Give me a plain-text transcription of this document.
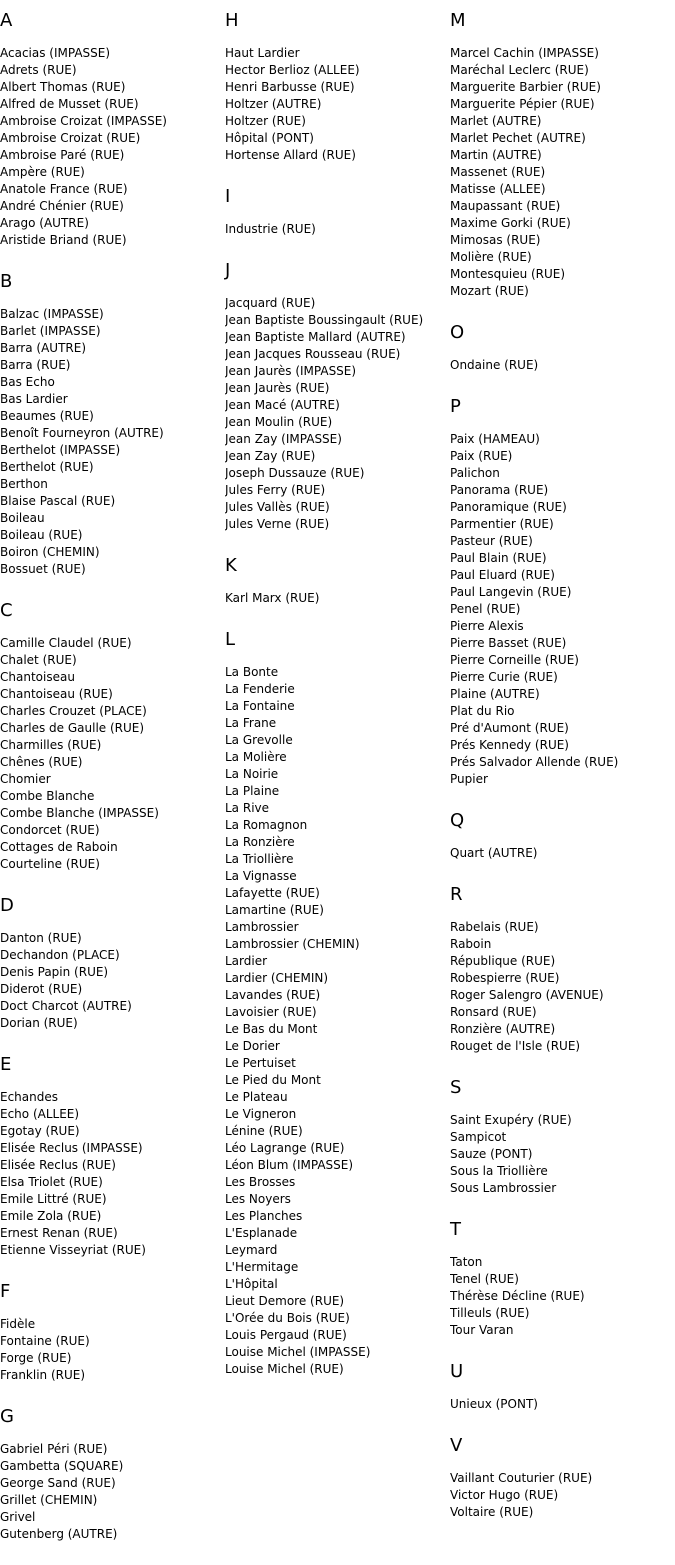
A
Acacias (IMPASSE)
Adrets (RUE)
Albert Thomas (RUE)
Alfred de Musset (RUE)
Ambroise Croizat (IMPASSE)
Ambroise Croizat (RUE)
Ambroise Paré (RUE)
Ampère (RUE)
Anatole France (RUE)
André Chénier (RUE)
Arago (AUTRE)
Aristide Briand (RUE)
B
Balzac (IMPASSE)
Barlet (IMPASSE)
Barra (AUTRE)
Barra (RUE)
Bas Echo
Bas Lardier
Beaumes (RUE)
Benoît Fourneyron (AUTRE)
Berthelot (IMPASSE)
Berthelot (RUE)
Berthon
Blaise Pascal (RUE)
Boileau
Boileau (RUE)
Boiron (CHEMIN)
Bossuet (RUE)
C
Camille Claudel (RUE)
Chalet (RUE)
Chantoiseau
Chantoiseau (RUE)
Charles Crouzet (PLACE)
Charles de Gaulle (RUE)
Charmilles (RUE)
Chênes (RUE)
Chomier
Combe Blanche
Combe Blanche (IMPASSE)
Condorcet (RUE)
Cottages de Raboin
Courteline (RUE)
D
Danton (RUE)
Dechandon (PLACE)
Denis Papin (RUE)
Diderot (RUE)
Doct Charcot (AUTRE)
Dorian (RUE)
E
Echandes
Echo (ALLEE)
Egotay (RUE)
Elisée Reclus (IMPASSE)
Elisée Reclus (RUE)
Elsa Triolet (RUE)
Emile Littré (RUE)
Emile Zola (RUE)
Ernest Renan (RUE)
Etienne Visseyriat (RUE)
F
Fidèle
Fontaine (RUE)
Forge (RUE)
Franklin (RUE)
G
Gabriel Péri (RUE)
Gambetta (SQUARE)
George Sand (RUE)
Grillet (CHEMIN)
Grivel
Gutenberg (AUTRE)
H
Haut Lardier
Hector Berlioz (ALLEE)
Henri Barbusse (RUE)
Holtzer (AUTRE)
Holtzer (RUE)
Hôpital (PONT)
Hortense Allard (RUE)
I
Industrie (RUE)
J
Jacquard (RUE)
Jean Baptiste Boussingault (RUE)
Jean Baptiste Mallard (AUTRE)
Jean Jacques Rousseau (RUE)
Jean Jaurès (IMPASSE)
Jean Jaurès (RUE)
Jean Macé (AUTRE)
Jean Moulin (RUE)
Jean Zay (IMPASSE)
Jean Zay (RUE)
Joseph Dussauze (RUE)
Jules Ferry (RUE)
Jules Vallès (RUE)
Jules Verne (RUE)
K
Karl Marx (RUE)
L
La Bonte
La Fenderie
La Fontaine
La Frane
La Grevolle
La Molière
La Noirie
La Plaine
La Rive
La Romagnon
La Ronzière
La Triollière
La Vignasse
Lafayette (RUE)
Lamartine (RUE)
Lambrossier
Lambrossier (CHEMIN)
Lardier
Lardier (CHEMIN)
Lavandes (RUE)
Lavoisier (RUE)
Le Bas du Mont
Le Dorier
Le Pertuiset
Le Pied du Mont
Le Plateau
Le Vigneron
Lénine (RUE)
Léo Lagrange (RUE)
Léon Blum (IMPASSE)
Les Brosses
Les Noyers
Les Planches
L'Esplanade
Leymard
L'Hermitage
L'Hôpital
Lieut Demore (RUE)
L'Orée du Bois (RUE)
Louis Pergaud (RUE)
Louise Michel (IMPASSE)
Louise Michel (RUE)
M
Marcel Cachin (IMPASSE)
Maréchal Leclerc (RUE)
Marguerite Barbier (RUE)
Marguerite Pépier (RUE)
Marlet (AUTRE)
Marlet Pechet (AUTRE)
Martin (AUTRE)
Massenet (RUE)
Matisse (ALLEE)
Maupassant (RUE)
Maxime Gorki (RUE)
Mimosas (RUE)
Molière (RUE)
Montesquieu (RUE)
Mozart (RUE)
O
Ondaine (RUE)
P
Paix (HAMEAU)
Paix (RUE)
Palichon
Panorama (RUE)
Panoramique (RUE)
Parmentier (RUE)
Pasteur (RUE)
Paul Blain (RUE)
Paul Eluard (RUE)
Paul Langevin (RUE)
Penel (RUE)
Pierre Alexis
Pierre Basset (RUE)
Pierre Corneille (RUE)
Pierre Curie (RUE)
Plaine (AUTRE)
Plat du Rio
Pré d'Aumont (RUE)
Prés Kennedy (RUE)
Prés Salvador Allende (RUE)
Pupier
Q
Quart (AUTRE)
R
Rabelais (RUE)
Raboin
République (RUE)
Robespierre (RUE)
Roger Salengro (AVENUE)
Ronsard (RUE)
Ronzière (AUTRE)
Rouget de l'Isle (RUE)
S
Saint Exupéry (RUE)
Sampicot
Sauze (PONT)
Sous la Triollière
Sous Lambrossier
T
Taton
Tenel (RUE)
Thérèse Décline (RUE)
Tilleuls (RUE)
Tour Varan
U
Unieux (PONT)
V
Vaillant Couturier (RUE)
Victor Hugo (RUE)
Voltaire (RUE)
